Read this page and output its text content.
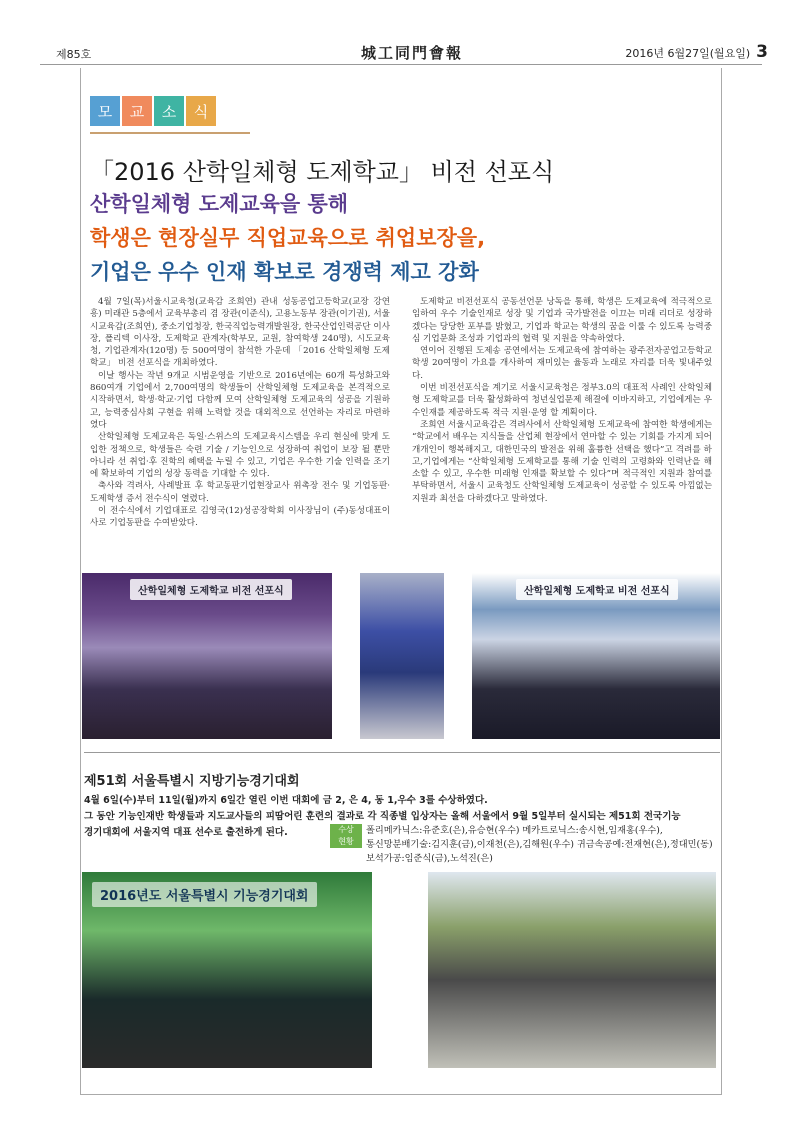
제85호	城工同門會報	2016년 6월27일(월요일) 3
모	교	소	식
「2016 산학일체형 도제학교」 비전 선포식
산학일체형 도제교육을 통해
학생은 현장실무 직업교육으로 취업보장을,
기업은 우수 인재 확보로 경쟁력 제고 강화

4월 7일(목)서울시교육청(교육감 조희연) 관내 성동공업고등학교(교장 강연흥) 미래관 5층에서 교육부총리 겸 장관(이준식), 고용노동부 장관(이기권), 서울시교육감(조희연), 중소기업청장, 한국직업능력개발원장, 한국산업인력공단 이사장, 폴리텍 이사장, 도제학교 관계자(학부모, 교원, 참여학생 240명), 시도교육청, 기업관계자(120명) 등 500여명이 참석한 가운데 「2016 산학일체형 도제학교」 비전 선포식을 개최하였다.

이날 행사는 작년 9개교 시범운영을 기반으로 2016년에는 60개 특성화고와 860여개 기업에서 2,700여명의 학생들이 산학일체형 도제교육을 본격적으로 시작하면서, 학생·학교·기업 다함께 모여 산학일체형 도제교육의 성공을 기원하고, 능력중심사회 구현을 위해 노력할 것을 대외적으로 선언하는 자리로 마련하였다

산학일체형 도제교육은 독일·스위스의 도제교육시스템을 우리 현실에 맞게 도입한 정책으로, 학생들은 숙련 기술 / 기능인으로 성장하여 취업이 보장 될 뿐만 아니라 선 취업·후 진학의 혜택을 누릴 수 있고, 기업은 우수한 기술 인력을 조기에 확보하여 기업의 성장 동력을 기대할 수 있다.

축사와 격려사, 사례발표 후 학교동판기업현장교사 위촉장 전수 및 기업동판·도제학생 증서 전수식이 열렸다.

이 전수식에서 기업대표로 김영국(12)성공장학회 이사장님이 (주)동성대표이사로 기업동판을 수여받았다.

도제학교 비전선포식 공동선언문 낭독을 통해, 학생은 도제교육에 적극적으로 임하여 우수 기술인재로 성장 및 기업과 국가발전을 이끄는 미래 리더로 성장하겠다는 당당한 포부를 밝혔고, 기업과 학교는 학생의 꿈을 이룰 수 있도록 능력중심 기업문화 조성과 기업과의 협력 및 지원을 약속하였다.

연이어 진행된 도제송 공연에서는 도제교육에 참여하는 광주전자공업고등학교 학생 20여명이 가요를 개사하여 재미있는 율동과 노래로 자리를 더욱 빛내주었다.

이번 비전선포식을 계기로 서울시교육청은 정부3.0의 대표적 사례인 산학일체형 도제학교를 더욱 활성화하여 청년실업문제 해결에 이바지하고, 기업에게는 우수인재를 제공하도록 적극 지원·운영 할 계획이다.

조희연 서울시교육감은 격려사에서 산학일체형 도제교육에 참여한 학생에게는 “학교에서 배우는 지식들을 산업체 현장에서 연마할 수 있는 기회를 가지게 되어 개개인이 행복해지고, 대한민국의 발전을 위해 훌륭한 선택을 했다”고 격려를 하고,기업에게는 “산학일체형 도제학교를 통해 기술 인력의 고령화와 인력난을 해소할 수 있고, 우수한 미래형 인재를 확보할 수 있다”며 적극적인 지원과 참여를 부탁하면서, 서울시 교육청도 산학일체형 도제교육이 성공할 수 있도록 아낌없는 지원과 최선을 다하겠다고 말하였다.

산학일체형 도제학교 비전 선포식	산학일체형 도제학교 비전 선포식
제51회 서울특별시 지방기능경기대회
4월 6일(수)부터 11일(월)까지 6일간 열린 이번 대회에 금 2, 은 4, 동 1,우수 3를 수상하였다.
그 동안 기능인재반 학생들과 지도교사들의 피땀어린 훈련의 결과로 각 직종별 입상자는 올해 서울에서 9월 5일부터 실시되는 제51회 전국기능
경기대회에 서울지역 대표 선수로 출전하게 된다.	수상
현황
폴리메카닉스:유준호(은),유승현(우수) 메카트로닉스:송시현,임재홍(우수),
통신망분배기술:김지훈(금),이재천(은),김해원(우수) 귀금속공예:전재현(은),정대민(동)
보석가공:임준식(금),노석진(은)
2016년도 서울특별시 기능경기대회
